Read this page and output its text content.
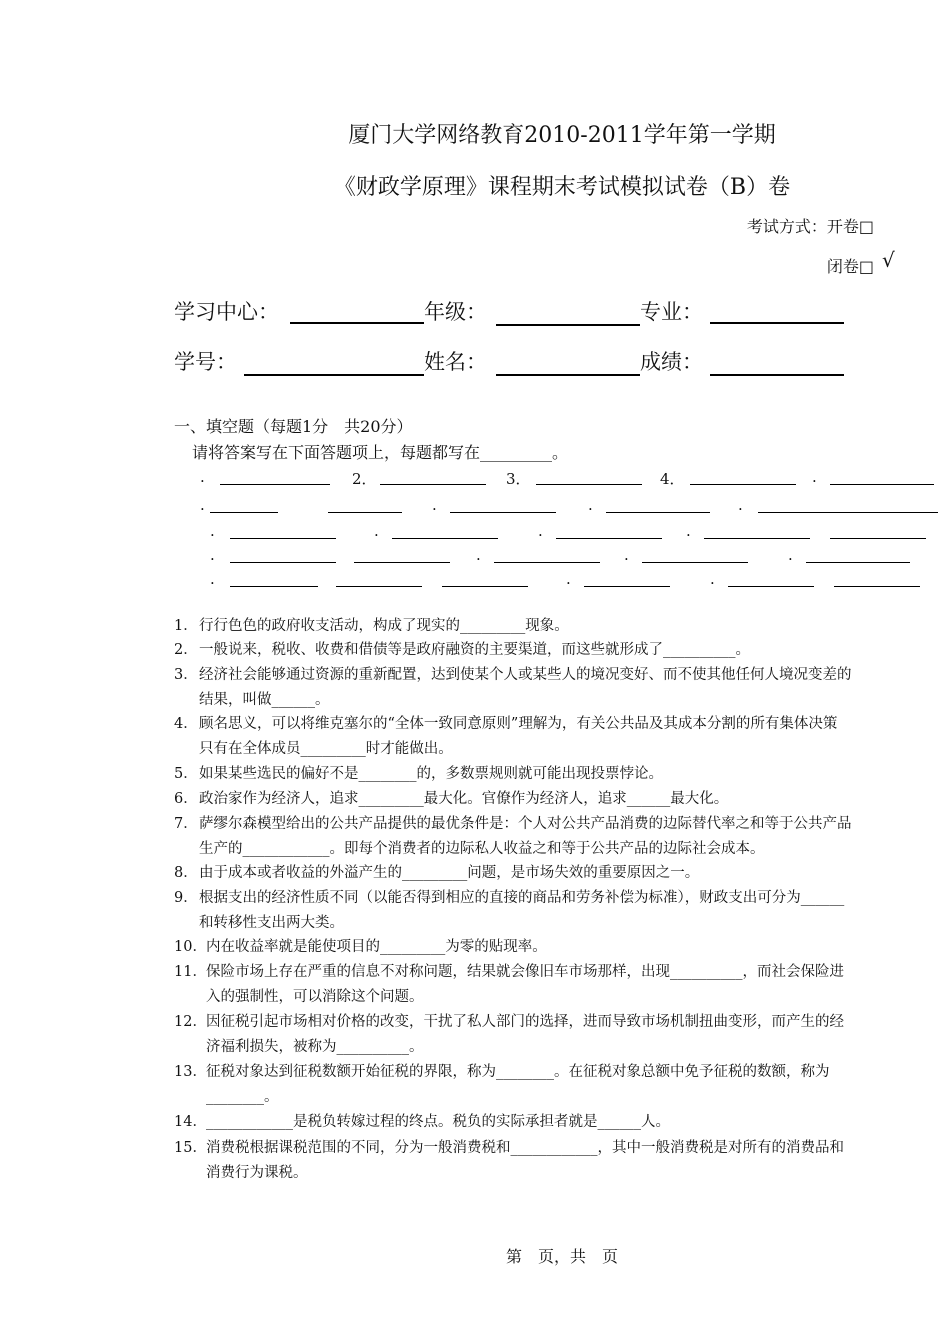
厦门大学网络教育2010-2011学年第一学期
《财政学原理》课程期末考试模拟试卷（B）卷
考试方式：开卷□
闭卷□ √
学习中心：	年级：	专业：
学号：	姓名：	成绩：
一、填空题（每题1分　共20分）
请将答案写在下面答题项上，每题都写在_________。
.	2．	3．	4．	.
.	.	.	.
.	.	.	.
.	.	.	.
.	.	.
1． 行行色色的政府收支活动，构成了现实的_________现象。
2． 一般说来，税收、收费和借债等是政府融资的主要渠道，而这些就形成了__________。
3． 经济社会能够通过资源的重新配置，达到使某个人或某些人的境况变好、而不使其他任何人境况变差的
结果，叫做______。
4． 顾名思义，可以将维克塞尔的“全体一致同意原则”理解为，有关公共品及其成本分割的所有集体决策
只有在全体成员_________时才能做出。
5． 如果某些选民的偏好不是________的，多数票规则就可能出现投票悖论。
6． 政治家作为经济人，追求_________最大化。官僚作为经济人，追求______最大化。
7． 萨缪尔森模型给出的公共产品提供的最优条件是：个人对公共产品消费的边际替代率之和等于公共产品
生产的____________。即每个消费者的边际私人收益之和等于公共产品的边际社会成本。
8． 由于成本或者收益的外溢产生的_________问题，是市场失效的重要原因之一。
9． 根据支出的经济性质不同（以能否得到相应的直接的商品和劳务补偿为标准），财政支出可分为______
和转移性支出两大类。
10． 内在收益率就是能使项目的_________为零的贴现率。
11． 保险市场上存在严重的信息不对称问题，结果就会像旧车市场那样，出现__________，而社会保险进
入的强制性，可以消除这个问题。
12． 因征税引起市场相对价格的改变，干扰了私人部门的选择，进而导致市场机制扭曲变形，而产生的经
济福利损失，被称为__________。
13． 征税对象达到征税数额开始征税的界限，称为________。在征税对象总额中免予征税的数额，称为
________。
14． ____________是税负转嫁过程的终点。税负的实际承担者就是______人。
15． 消费税根据课税范围的不同，分为一般消费税和____________，其中一般消费税是对所有的消费品和
消费行为课税。
第　页，共　页
